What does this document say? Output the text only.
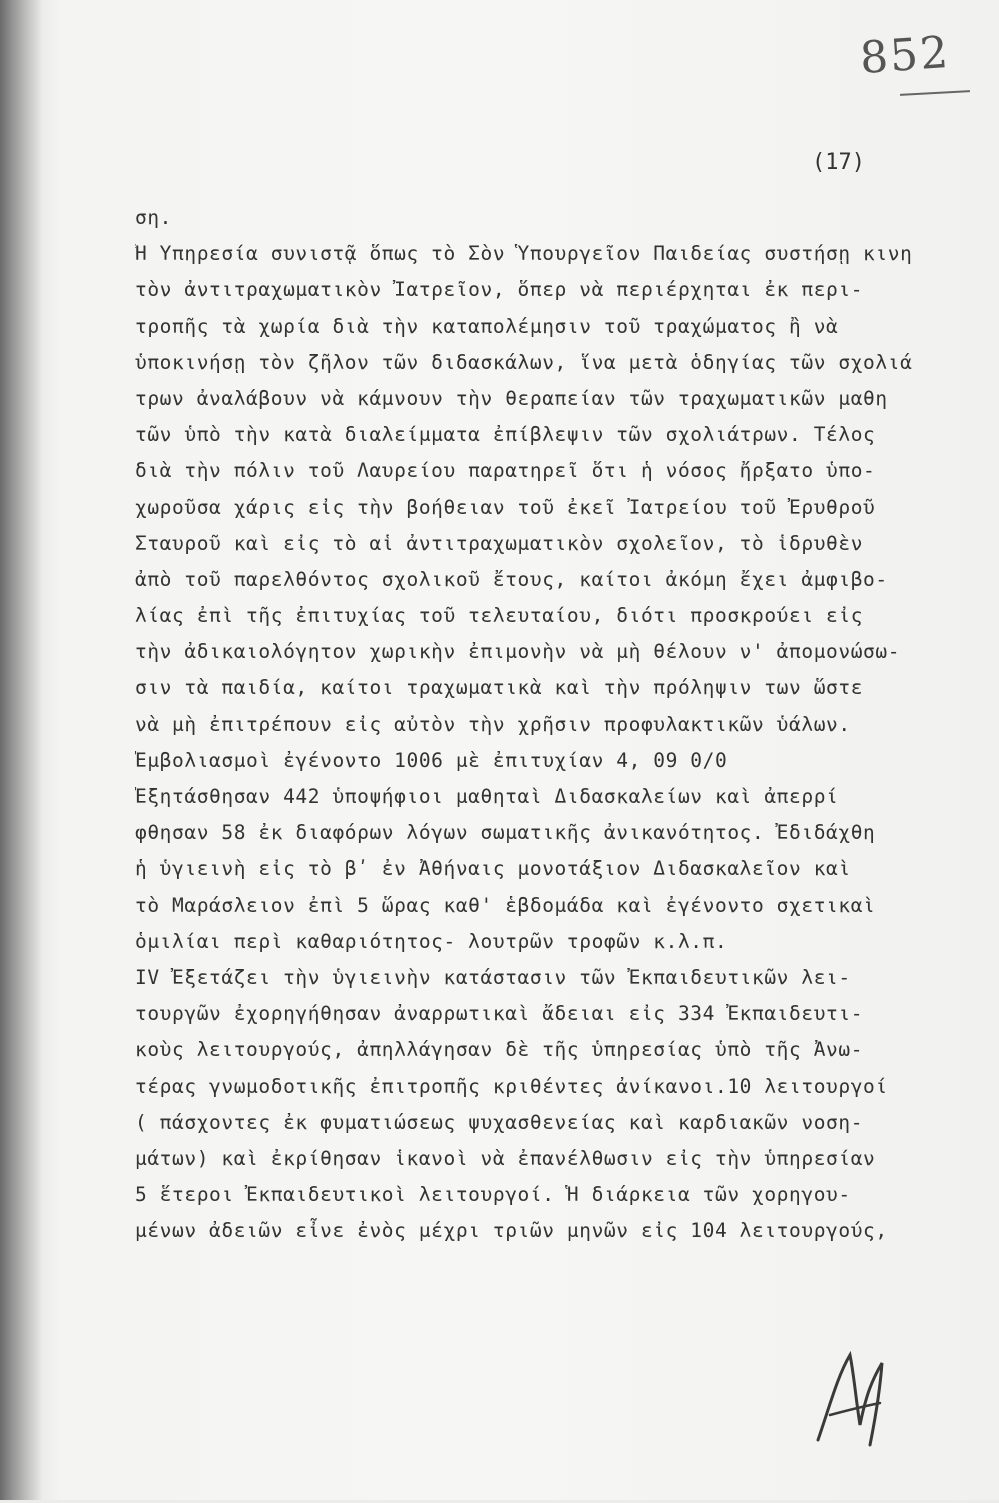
852
(17)
ση.
Ἡ Υπηρεσία συνιστᾷ ὅπως τὸ Σὸν Ὑπουργεῖον Παιδείας συστήσῃ κινη
τὸν ἀντιτραχωματικὸν Ἰατρεῖον, ὅπερ νὰ περιέρχηται ἐκ περι-
τροπῆς τὰ χωρία διὰ τὴν καταπολέμησιν τοῦ τραχώματος ἢ νὰ
ὑποκινήσῃ τὸν ζῆλον τῶν διδασκάλων, ἵνα μετὰ ὁδηγίας τῶν σχολιά
τρων ἀναλάβουν νὰ κάμνουν τὴν θεραπείαν τῶν τραχωματικῶν μαθη
τῶν ὑπὸ τὴν κατὰ διαλείμματα ἐπίβλεψιν τῶν σχολιάτρων. Τέλος
διὰ τὴν πόλιν τοῦ Λαυρείου παρατηρεῖ ὅτι ἡ νόσος ἤρξατο ὑπο-
χωροῦσα χάρις εἰς τὴν βοήθειαν τοῦ ἐκεῖ Ἰατρείου τοῦ Ἐρυθροῦ
Σταυροῦ καὶ εἰς τὸ αἱ ἀντιτραχωματικὸν σχολεῖον, τὸ ἱδρυθὲν
ἀπὸ τοῦ παρελθόντος σχολικοῦ ἔτους, καίτοι ἀκόμη ἔχει ἀμφιβο-
λίας ἐπὶ τῆς ἐπιτυχίας τοῦ τελευταίου, διότι προσκρούει εἰς
τὴν ἀδικαιολόγητον χωρικὴν ἐπιμονὴν νὰ μὴ θέλουν ν' ἀπομονώσω-
σιν τὰ παιδία, καίτοι τραχωματικὰ καὶ τὴν πρόληψιν των ὥστε
νὰ μὴ ἐπιτρέπουν εἰς αὐτὸν τὴν χρῆσιν προφυλακτικῶν ὑάλων.
Ἐμβολιασμοὶ ἐγένοντο 1006 μὲ ἐπιτυχίαν 4, 09 0/0
Ἐξητάσθησαν 442 ὑποψήφιοι μαθηταὶ Διδασκαλείων καὶ ἀπερρί
φθησαν 58 ἐκ διαφόρων λόγων σωματικῆς ἀνικανότητος. Ἐδιδάχθη
ἡ ὑγιεινὴ εἰς τὸ βʹ ἐν Ἀθήναις μονοτάξιον Διδασκαλεῖον καὶ
τὸ Μαράσλειον ἐπὶ 5 ὥρας καθ' ἑβδομάδα καὶ ἐγένοντο σχετικαὶ
ὁμιλίαι περὶ καθαριότητος- λουτρῶν τροφῶν κ.λ.π.
IV Ἐξετάζει τὴν ὑγιεινὴν κατάστασιν τῶν Ἐκπαιδευτικῶν λει-
τουργῶν ἐχορηγήθησαν ἀναρρωτικαὶ ἄδειαι εἰς 334 Ἐκπαιδευτι-
κοὺς λειτουργούς, ἀπηλλάγησαν δὲ τῆς ὑπηρεσίας ὑπὸ τῆς Ἀνω-
τέρας γνωμοδοτικῆς ἐπιτροπῆς κριθέντες ἀνίκανοι.10 λειτουργοί
( πάσχοντες ἐκ φυματιώσεως ψυχασθενείας καὶ καρδιακῶν νοση-
μάτων) καὶ ἐκρίθησαν ἱκανοὶ νὰ ἐπανέλθωσιν εἰς τὴν ὑπηρεσίαν
5 ἕτεροι Ἐκπαιδευτικοὶ λειτουργοί. Ἡ διάρκεια τῶν χορηγου-
μένων ἀδειῶν εἶνε ἐνὸς μέχρι τριῶν μηνῶν εἰς 104 λειτουργούς,
